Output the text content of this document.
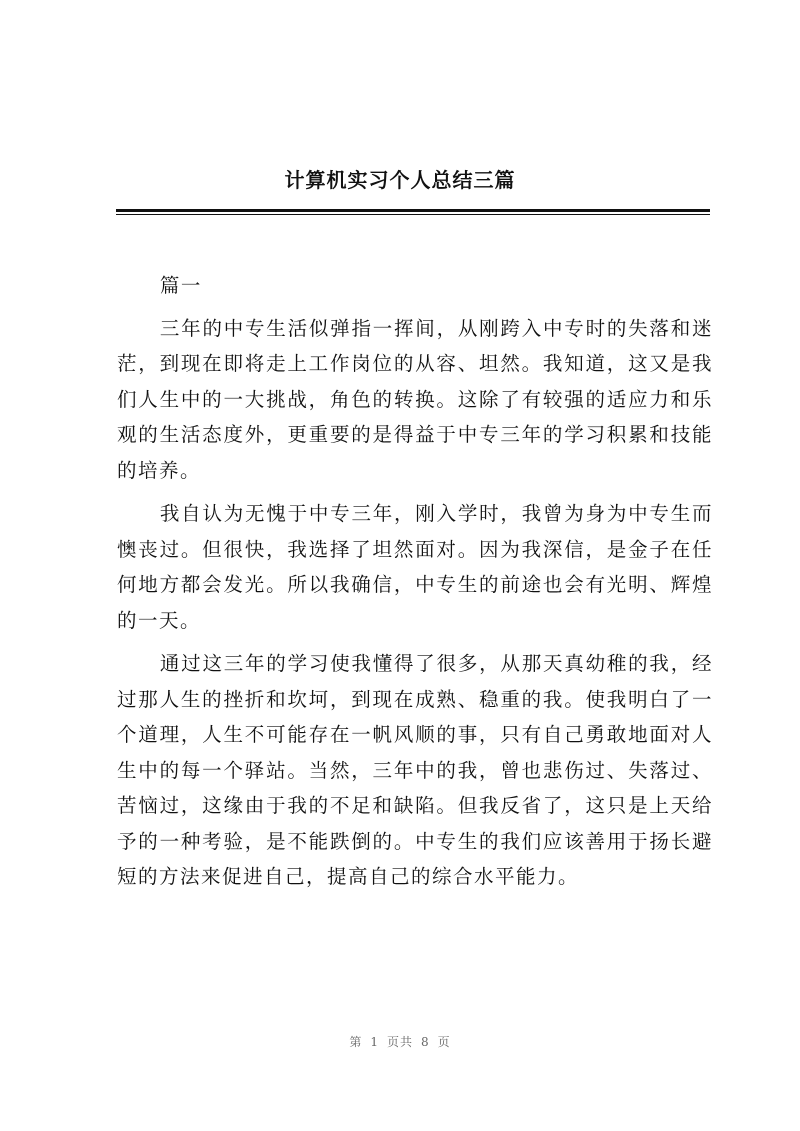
计算机实习个人总结三篇

篇一

三年的中专生活似弹指一挥间，从刚跨入中专时的失落和迷茫，到现在即将走上工作岗位的从容、坦然。我知道，这又是我们人生中的一大挑战，角色的转换。这除了有较强的适应力和乐观的生活态度外，更重要的是得益于中专三年的学习积累和技能的培养。

我自认为无愧于中专三年，刚入学时，我曾为身为中专生而懊丧过。但很快，我选择了坦然面对。因为我深信，是金子在任何地方都会发光。所以我确信，中专生的前途也会有光明、辉煌的一天。

通过这三年的学习使我懂得了很多，从那天真幼稚的我，经过那人生的挫折和坎坷，到现在成熟、稳重的我。使我明白了一个道理，人生不可能存在一帆风顺的事，只有自己勇敢地面对人生中的每一个驿站。当然，三年中的我，曾也悲伤过、失落过、苦恼过，这缘由于我的不足和缺陷。但我反省了，这只是上天给予的一种考验，是不能跌倒的。中专生的我们应该善用于扬长避短的方法来促进自己，提高自己的综合水平能力。

第 1 页共 8 页
